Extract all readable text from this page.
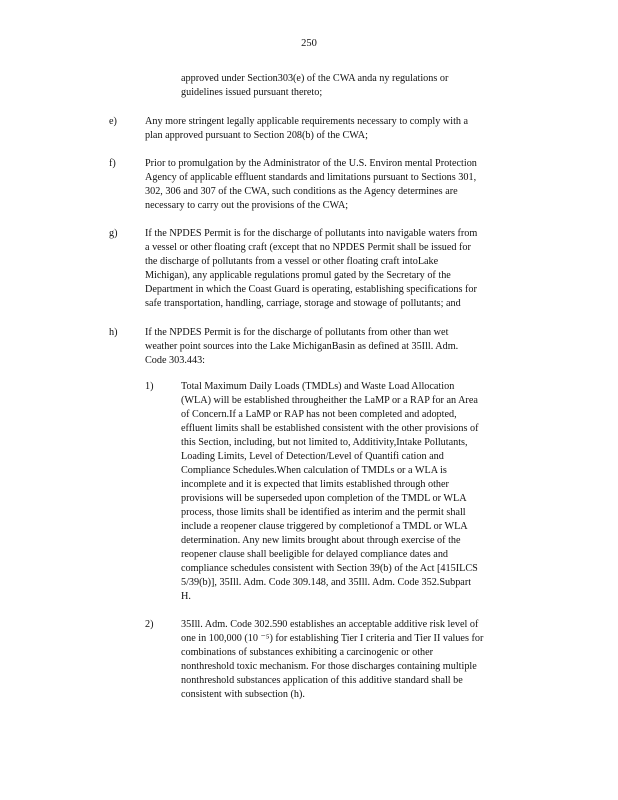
250
approved under Section303(e) of the CWA anda ny regulations or
guidelines issued pursuant thereto;
e)	Any more stringent legally applicable requirements necessary to comply with a
plan approved pursuant to Section 208(b) of the CWA;
f)	Prior to promulgation by the Administrator of the U.S. Environ mental Protection
Agency of applicable effluent standards and limitations pursuant to Sections 301,
302, 306 and 307 of the CWA, such conditions as the Agency determines are
necessary to carry out the provisions of the CWA;
g)	If the NPDES Permit is for the discharge of pollutants into navigable waters from
a vessel or other floating craft (except that no NPDES Permit shall be issued for
the discharge of pollutants from a vessel or other floating craft intoLake
Michigan), any applicable regulations promul gated by the Secretary of the
Department in which the Coast Guard is operating, establishing specifications for
safe transportation, handling, carriage, storage and stowage of pollutants; and
h)	If the NPDES Permit is for the discharge of pollutants from other than wet
weather point sources into the Lake MichiganBasin as defined at 35Ill. Adm.
Code 303.443:
1)	Total Maximum Daily Loads (TMDLs) and Waste Load Allocation
(WLA) will be established througheither the LaMP or a RAP for an Area
of Concern.If a LaMP or RAP has not been completed and adopted,
effluent limits shall be established consistent with the other provisions of
this Section, including, but not limited to, Additivity,Intake Pollutants,
Loading Limits, Level of Detection/Level of Quantifi cation and
Compliance Schedules.When calculation of TMDLs or a WLA is
incomplete and it is expected that limits established through other
provisions will be superseded upon completion of the TMDL or WLA
process, those limits shall be identified as interim and the permit shall
include a reopener clause triggered by completionof a TMDL or WLA
determination. Any new limits brought about through exercise of the
reopener clause shall beeligible for delayed compliance dates and
compliance schedules consistent with Section 39(b) of the Act [415ILCS
5/39(b)], 35Ill. Adm. Code 309.148, and 35Ill. Adm. Code 352.Subpart
H.
2)	35Ill. Adm. Code 302.590 establishes an acceptable additive risk level of
one in 100,000 (10 ⁻⁵) for establishing Tier I criteria and Tier II values for
combinations of substances exhibiting a carcinogenic or other
nonthreshold toxic mechanism. For those discharges containing multiple
nonthreshold substances application of this additive standard shall be
consistent with subsection (h).
